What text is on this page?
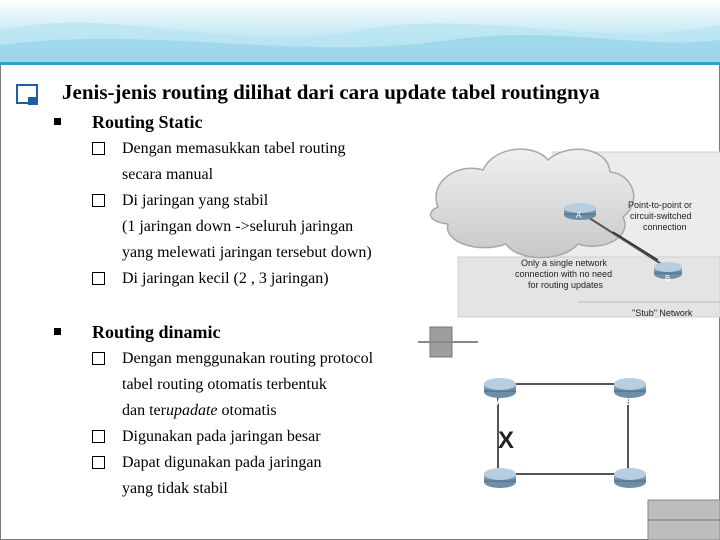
Jenis-jenis routing dilihat dari cara update tabel routingnya
Routing Static
Dengan memasukkan tabel routing
secara manual
Di jaringan yang stabil
(1 jaringan down ->seluruh jaringan
yang melewati jaringan tersebut down)
Di jaringan kecil (2 , 3 jaringan)
Routing dinamic
Dengan menggunakan routing protocol
tabel routing otomatis terbentuk
dan terupadate otomatis
Digunakan pada jaringan besar
Dapat digunakan pada jaringan
yang tidak stabil
A
B
Point-to-point or
circuit-switched
connection
Only a single network
connection with no need
for routing updates
"Stub" Network
A	B
D	C
X
